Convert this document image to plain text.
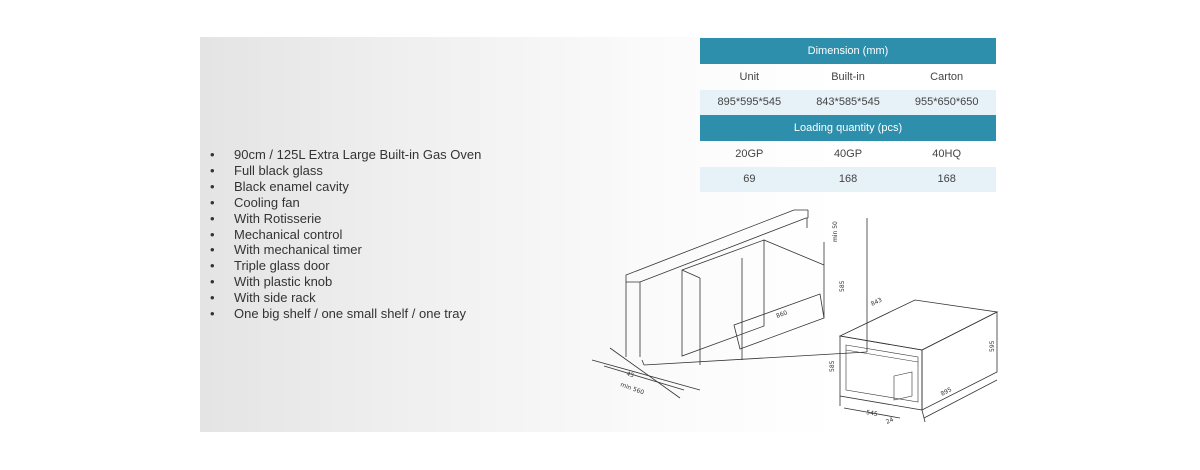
• 90cm / 125L Extra Large Built-in Gas Oven
• Full black glass
• Black enamel cavity
• Cooling fan
• With Rotisserie
• Mechanical control
• With mechanical timer
• Triple glass door
• With plastic knob
• With side rack
• One big shelf / one small shelf / one tray
Dimension (mm)
Unit	Built-in	Carton
895*595*545	843*585*545	955*650*650
Loading quantity (pcs)
20GP	40GP	40HQ
69	168	168
min 50
585
860
45
min 560
843
585
595
545
895
24
